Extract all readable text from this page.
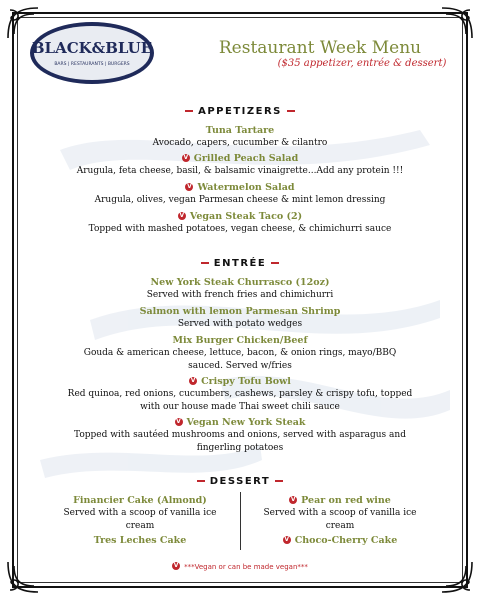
BLACK&BLUE
BARS | RESTAURANTS | BURGERS
Restaurant Week Menu
($35 appetizer, entrée & dessert)
APPETIZERS
Tuna Tartare
Avocado, capers, cucumber & cilantro
V Grilled Peach Salad
Arugula, feta cheese, basil, & balsamic vinaigrette...Add any protein !!!
V Watermelon Salad
Arugula, olives, vegan Parmesan cheese & mint lemon dressing
V Vegan Steak Taco (2)
Topped with mashed potatoes, vegan cheese, & chimichurri sauce
ENTRÉE
New York Steak Churrasco (12oz)
Served with french fries and chimichurri
Salmon with lemon Parmesan Shrimp
Served with potato wedges
Mix Burger Chicken/Beef
Gouda & american cheese, lettuce, bacon, & onion rings, mayo/BBQ sauced. Served w/fries
V Crispy Tofu Bowl
Red quinoa, red onions, cucumbers, cashews, parsley & crispy tofu, topped with our house made Thai sweet chili sauce
V Vegan New York Steak
Topped with sautéed mushrooms and onions, served with asparagus and fingerling potatoes
DESSERT
Financier Cake (Almond)
Served with a scoop of vanilla ice cream
V Pear on red wine
Served with a scoop of vanilla ice cream
Tres Leches Cake	V Choco-Cherry Cake
V ***Vegan or can be made vegan***
